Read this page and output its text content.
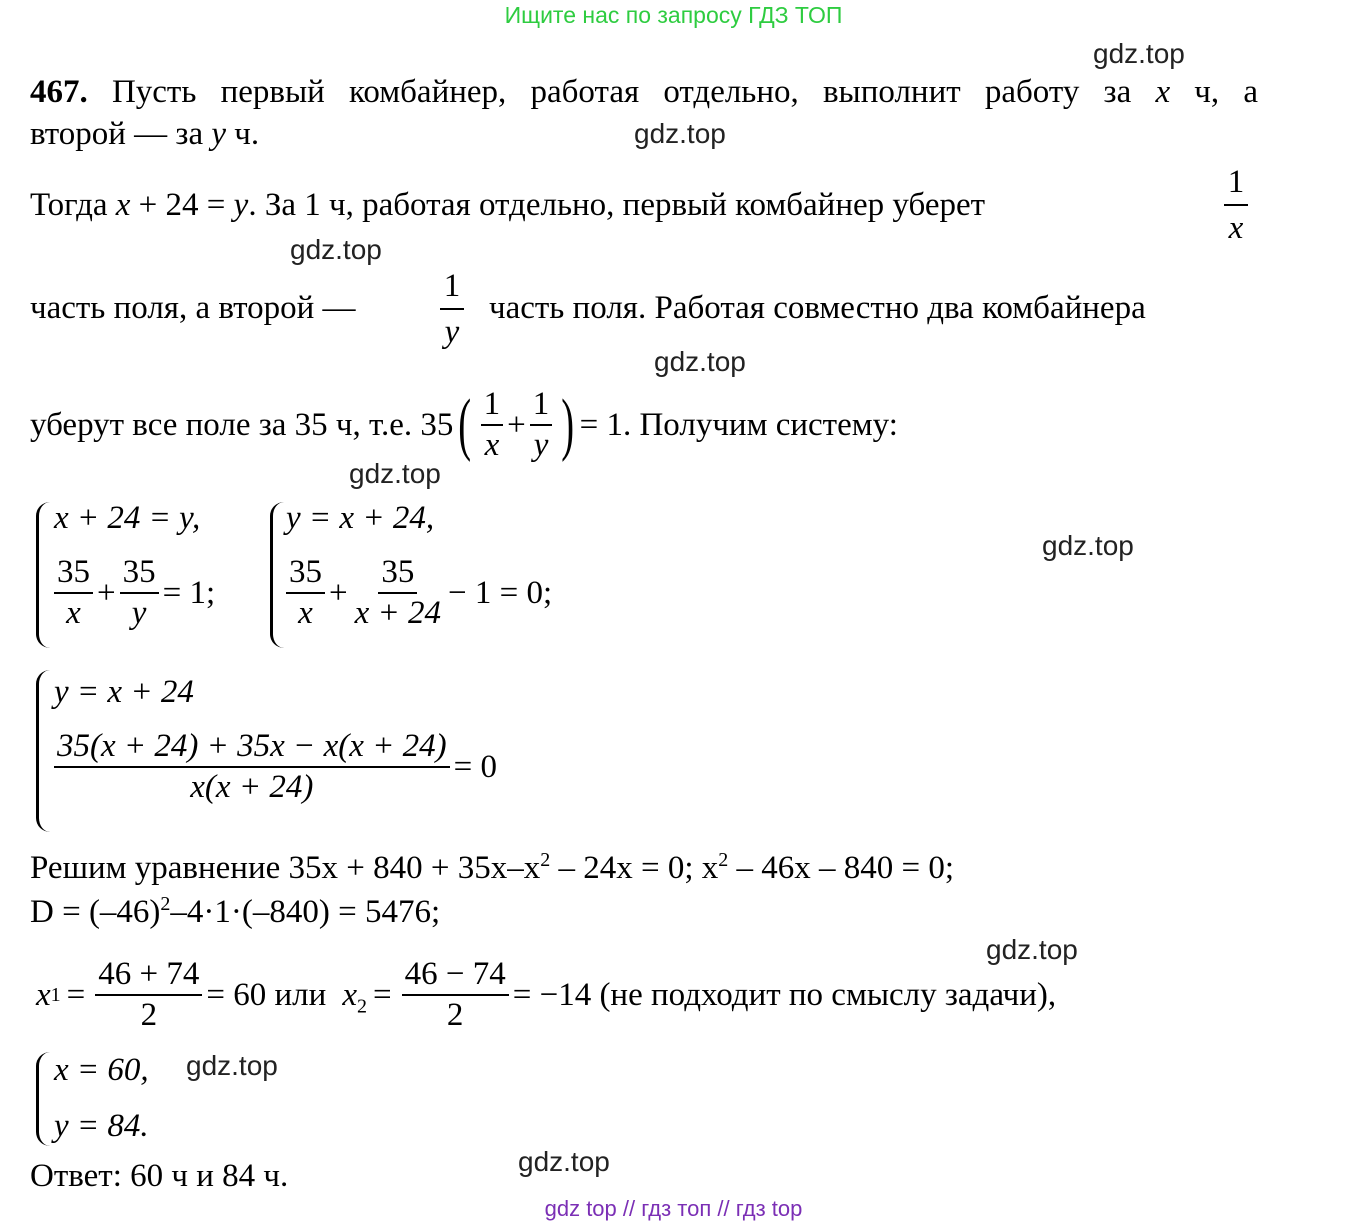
Ищите нас по запросу ГДЗ ТОП
gdz.top
gdz.top
gdz.top
gdz.top
gdz.top
gdz.top
gdz.top
gdz.top
gdz.top
467. Пусть первый комбайнер, работая отдельно, выполнит работу за x ч, а
второй — за y ч.
Тогда x + 24 = y. За 1 ч, работая отдельно, первый комбайнер уберет
1
x
часть поля, а второй —
1
y
часть поля. Работая совместно два комбайнера
уберут все поле за 35 ч, т.е. 35 ( $\frac{1}{x} + \frac{1}{y}$ ) = 1. Получим систему:
x + 24 = y,
$\frac{35}{x} + \frac{35}{y} = 1$;
y = x + 24,
$\frac{35}{x} + \frac{35}{x + 24} - 1 = 0$;
y = x + 24
$\frac{35(x + 24) + 35x - x(x + 24)}{x(x + 24)} = 0$
Решим уравнение $35x + 840 + 35x-x^2 - 24x = 0$; $x^2 - 46x - 840 = 0$;
$D = (-46)^2-4\cdot 1\cdot(-840) = 5476$;
x $1 = \frac{46 + 74}{2} = 60$ или $x_2 = \frac{46 - 74}{2} = -14$ (не подходит по смыслу задачи),
x = 60,
y = 84.
Ответ: 60 ч и 84 ч.
gdz top // гдз топ // гдз top
